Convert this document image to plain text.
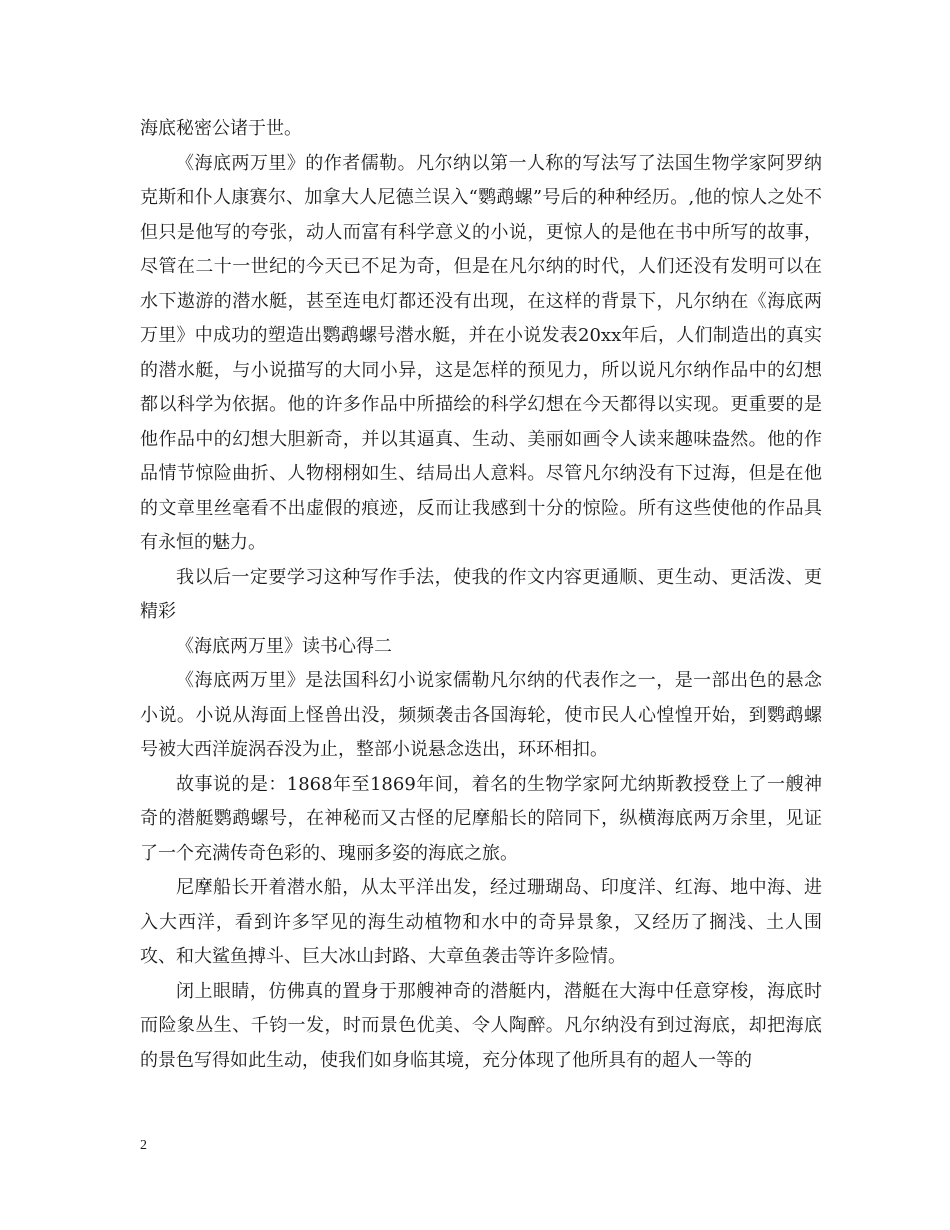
海底秘密公诸于世。

《海底两万里》的作者儒勒。凡尔纳以第一人称的写法写了法国生物学家阿罗纳克斯和仆人康赛尔、加拿大人尼德兰误入“鹦鹉螺”号后的种种经历。,他的惊人之处不但只是他写的夸张，动人而富有科学意义的小说，更惊人的是他在书中所写的故事，尽管在二十一世纪的今天已不足为奇，但是在凡尔纳的时代，人们还没有发明可以在水下遨游的潜水艇，甚至连电灯都还没有出现，在这样的背景下，凡尔纳在《海底两万里》中成功的塑造出鹦鹉螺号潜水艇，并在小说发表20xx年后，人们制造出的真实的潜水艇，与小说描写的大同小异，这是怎样的预见力，所以说凡尔纳作品中的幻想都以科学为依据。他的许多作品中所描绘的科学幻想在今天都得以实现。更重要的是他作品中的幻想大胆新奇，并以其逼真、生动、美丽如画令人读来趣味盎然。他的作品情节惊险曲折、人物栩栩如生、结局出人意料。尽管凡尔纳没有下过海，但是在他的文章里丝毫看不出虚假的痕迹，反而让我感到十分的惊险。所有这些使他的作品具有永恒的魅力。

我以后一定要学习这种写作手法，使我的作文内容更通顺、更生动、更活泼、更精彩

《海底两万里》读书心得二

《海底两万里》是法国科幻小说家儒勒凡尔纳的代表作之一，是一部出色的悬念小说。小说从海面上怪兽出没，频频袭击各国海轮，使市民人心惶惶开始，到鹦鹉螺号被大西洋旋涡吞没为止，整部小说悬念迭出，环环相扣。

故事说的是：1868年至1869年间，着名的生物学家阿尤纳斯教授登上了一艘神奇的潜艇鹦鹉螺号，在神秘而又古怪的尼摩船长的陪同下，纵横海底两万余里，见证了一个充满传奇色彩的、瑰丽多姿的海底之旅。

尼摩船长开着潜水船，从太平洋出发，经过珊瑚岛、印度洋、红海、地中海、进入大西洋，看到许多罕见的海生动植物和水中的奇异景象，又经历了搁浅、土人围攻、和大鲨鱼搏斗、巨大冰山封路、大章鱼袭击等许多险情。

闭上眼睛，仿佛真的置身于那艘神奇的潜艇内，潜艇在大海中任意穿梭，海底时而险象丛生、千钧一发，时而景色优美、令人陶醉。凡尔纳没有到过海底，却把海底的景色写得如此生动，使我们如身临其境，充分体现了他所具有的超人一等的

2
